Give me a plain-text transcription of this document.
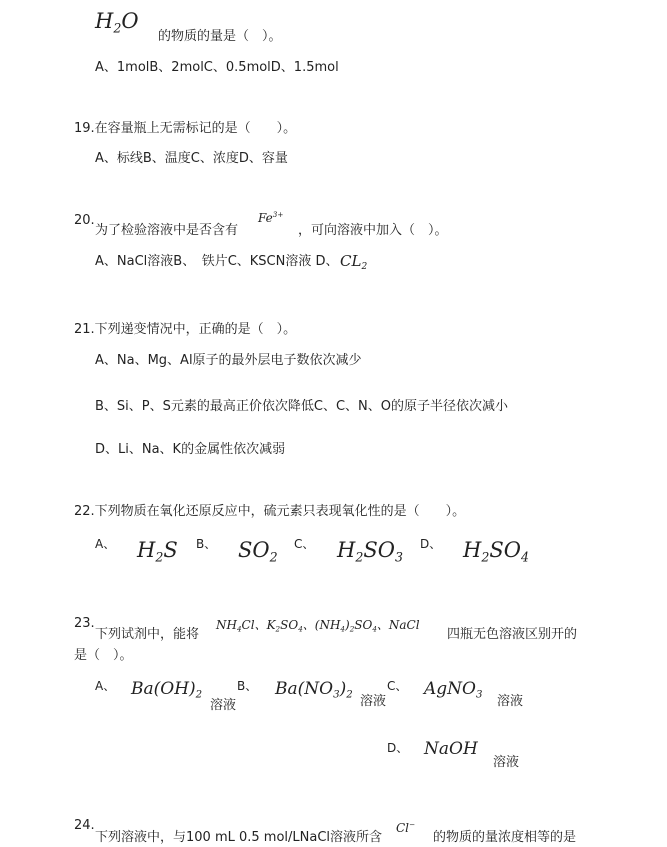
$H_2O$
的物质的量是（　）。
A、1molB、2molC、0.5molD、1.5mol
19.在容量瓶上无需标记的是（　　）。
A、标线B、温度C、浓度D、容量
20.
为了检验溶液中是否含有
$Fe^{3+}$
，可向溶液中加入（　）。
A、NaCl溶液B、　铁片C、KSCN溶液 D、 $CL_2$
21.下列递变情况中，正确的是（　）。
A、Na、Mg、Al原子的最外层电子数依次减少
B、Si、P、S元素的最高正价依次降低C、C、N、O的原子半径依次减小
D、Li、Na、K的金属性依次减弱
22.下列物质在氧化还原反应中，硫元素只表现氧化性的是（　　）。
A、 $H_2S$ B、 $SO_2$
C、 $H_2SO_3$
D、 $H_2SO_4$
23.
下列试剂中，能将
$NH_4Cl$、$K_2SO_4$、$(NH_4)_2SO_4$、NaCl
四瓶无色溶液区别开的
是（　）。
A、 $Ba(OH)_2$
溶液
B、 $Ba(NO_3)_2$ 溶液
C、 AgNO$_3$ 溶液
D、 NaOH
溶液
24.
下列溶液中，与100 mL 0.5 mol/LNaCl溶液所含
Cl−
的物质的量浓度相等的是
